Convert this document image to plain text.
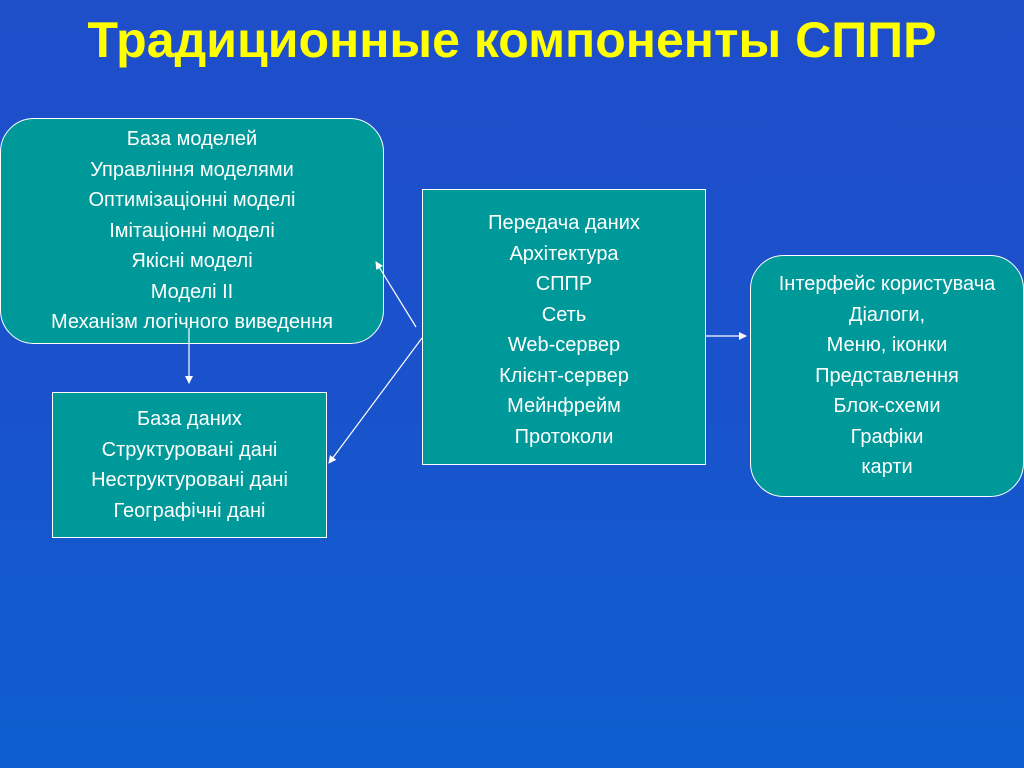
Традиционные компоненты СППР
База моделей
Управління моделями
Оптимізаціонні моделі
Імітаціонні моделі
Якісні моделі
Моделі ІІ
Механізм логічного виведення
База даних
Структуровані дані
Неструктуровані дані
Географічні дані
Передача даних
Архітектура
СППР
Сеть
Web-сервер
Клієнт-сервер
Мейнфрейм
Протоколи
Інтерфейс користувача
Діалоги,
Меню, іконки
Представлення
Блок-схеми
Графіки
карти
